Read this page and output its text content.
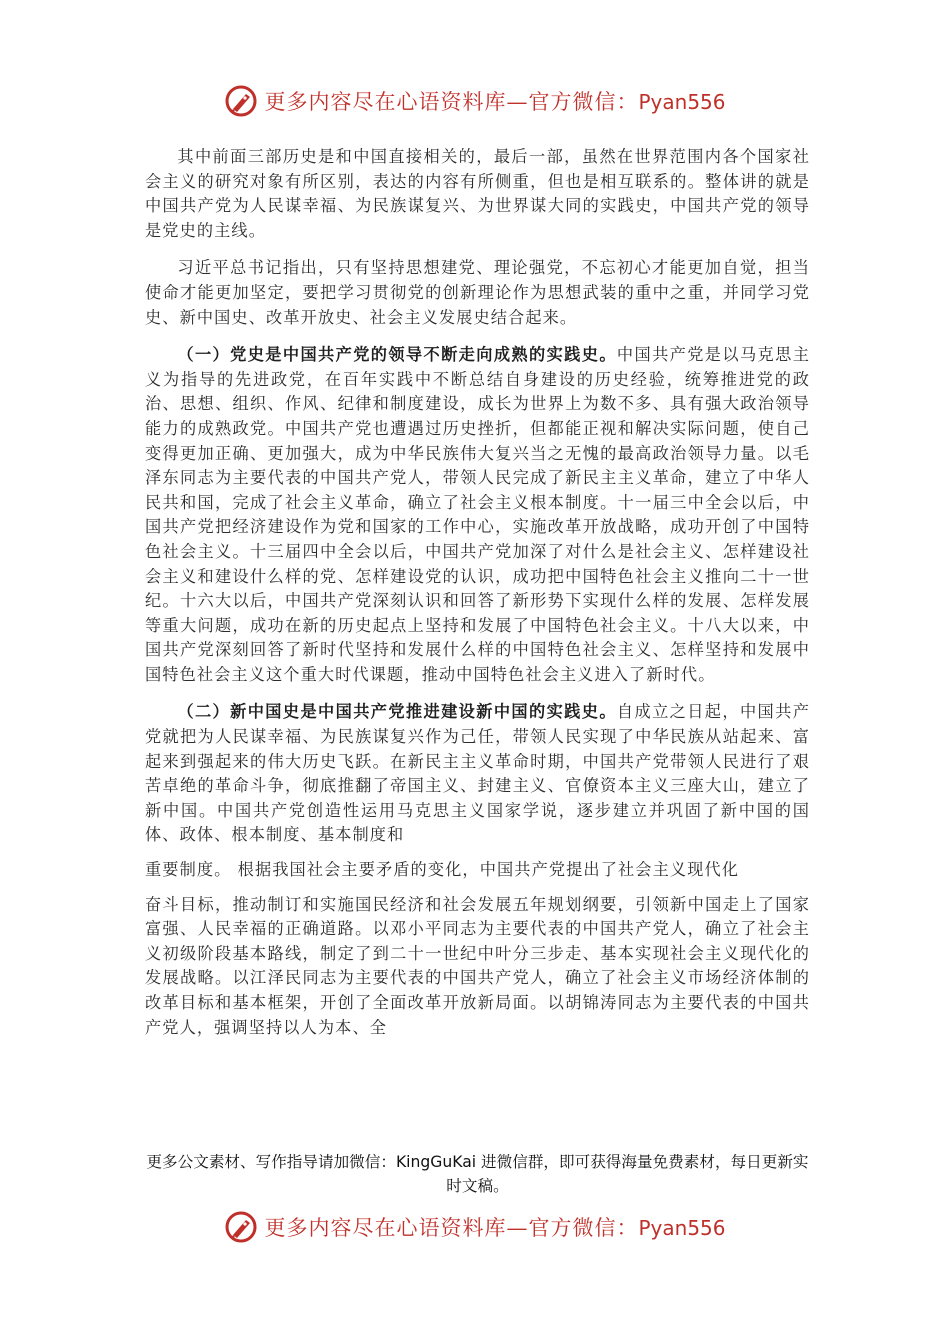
更多内容尽在心语资料库—官方微信：Pyan556

其中前面三部历史是和中国直接相关的，最后一部，虽然在世界范围内各个国家社会主义的研究对象有所区别，表达的内容有所侧重，但也是相互联系的。整体讲的就是中国共产党为人民谋幸福、为民族谋复兴、为世界谋大同的实践史，中国共产党的领导是党史的主线。

习近平总书记指出，只有坚持思想建党、理论强党，不忘初心才能更加自觉，担当使命才能更加坚定，要把学习贯彻党的创新理论作为思想武装的重中之重，并同学习党史、新中国史、改革开放史、社会主义发展史结合起来。

（一）党史是中国共产党的领导不断走向成熟的实践史。中国共产党是以马克思主义为指导的先进政党，在百年实践中不断总结自身建设的历史经验，统筹推进党的政治、思想、组织、作风、纪律和制度建设，成长为世界上为数不多、具有强大政治领导能力的成熟政党。中国共产党也遭遇过历史挫折，但都能正视和解决实际问题，使自己变得更加正确、更加强大，成为中华民族伟大复兴当之无愧的最高政治领导力量。以毛泽东同志为主要代表的中国共产党人，带领人民完成了新民主主义革命，建立了中华人民共和国，完成了社会主义革命，确立了社会主义根本制度。十一届三中全会以后，中国共产党把经济建设作为党和国家的工作中心，实施改革开放战略，成功开创了中国特色社会主义。十三届四中全会以后，中国共产党加深了对什么是社会主义、怎样建设社会主义和建设什么样的党、怎样建设党的认识，成功把中国特色社会主义推向二十一世纪。十六大以后，中国共产党深刻认识和回答了新形势下实现什么样的发展、怎样发展等重大问题，成功在新的历史起点上坚持和发展了中国特色社会主义。十八大以来，中国共产党深刻回答了新时代坚持和发展什么样的中国特色社会主义、怎样坚持和发展中国特色社会主义这个重大时代课题，推动中国特色社会主义进入了新时代。

（二）新中国史是中国共产党推进建设新中国的实践史。自成立之日起，中国共产党就把为人民谋幸福、为民族谋复兴作为己任，带领人民实现了中华民族从站起来、富起来到强起来的伟大历史飞跃。在新民主主义革命时期，中国共产党带领人民进行了艰苦卓绝的革命斗争，彻底推翻了帝国主义、封建主义、官僚资本主义三座大山，建立了新中国。中国共产党创造性运用马克思主义国家学说，逐步建立并巩固了新中国的国体、政体、根本制度、基本制度和
重要制度。 根据我国社会主要矛盾的变化，中国共产党提出了社会主义现代化
奋斗目标，推动制订和实施国民经济和社会发展五年规划纲要，引领新中国走上了国家富强、人民幸福的正确道路。以邓小平同志为主要代表的中国共产党人，确立了社会主义初级阶段基本路线，制定了到二十一世纪中叶分三步走、基本实现社会主义现代化的发展战略。以江泽民同志为主要代表的中国共产党人，确立了社会主义市场经济体制的改革目标和基本框架，开创了全面改革开放新局面。以胡锦涛同志为主要代表的中国共产党人，强调坚持以人为本、全

更多公文素材、写作指导请加微信：KingGuKai 进微信群，即可获得海量免费素材，每日更新实时文稿。
更多内容尽在心语资料库—官方微信：Pyan556
